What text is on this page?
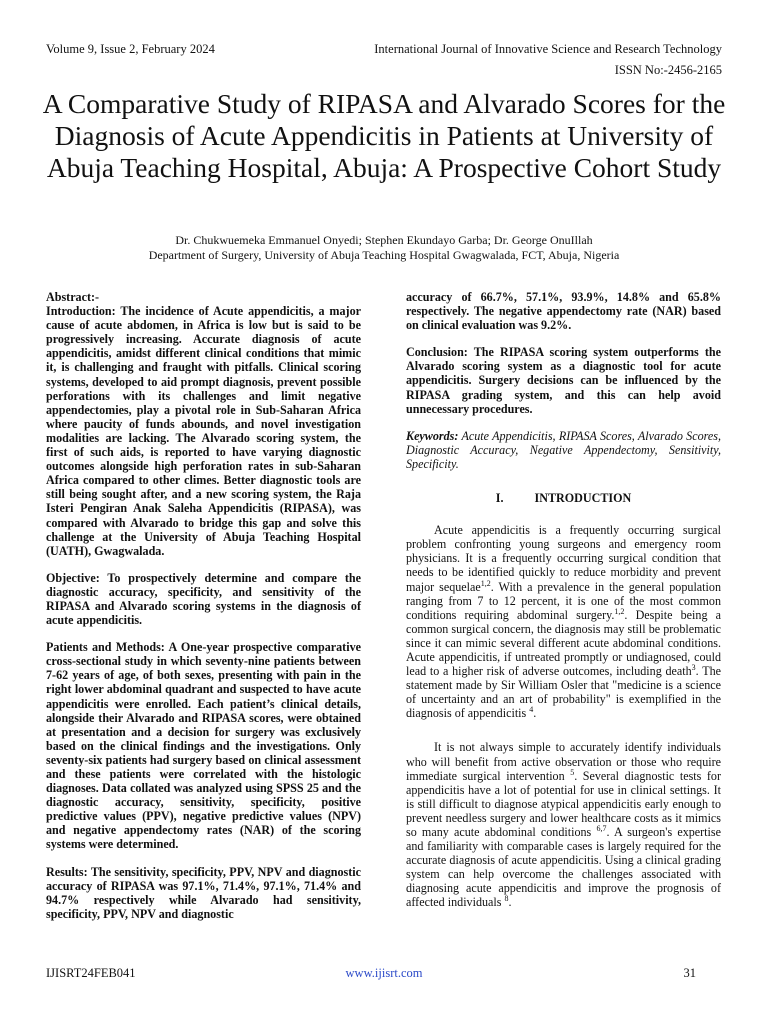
Volume 9, Issue 2, February 2024	International Journal of Innovative Science and Research Technology
ISSN No:-2456-2165
A Comparative Study of RIPASA and Alvarado Scores for the Diagnosis of Acute Appendicitis in Patients at University of Abuja Teaching Hospital, Abuja: A Prospective Cohort Study
Dr. Chukwuemeka Emmanuel Onyedi; Stephen Ekundayo Garba; Dr. George OnuIllah
Department of Surgery, University of Abuja Teaching Hospital Gwagwalada, FCT, Abuja, Nigeria
Abstract:-

Introduction: The incidence of Acute appendicitis, a major cause of acute abdomen, in Africa is low but is said to be progressively increasing. Accurate diagnosis of acute appendicitis, amidst different clinical conditions that mimic it, is challenging and fraught with pitfalls. Clinical scoring systems, developed to aid prompt diagnosis, prevent possible perforations with its challenges and limit negative appendectomies, play a pivotal role in Sub-Saharan Africa where paucity of funds abounds, and novel investigation modalities are lacking. The Alvarado scoring system, the first of such aids, is reported to have varying diagnostic outcomes alongside high perforation rates in sub-Saharan Africa compared to other climes. Better diagnostic tools are still being sought after, and a new scoring system, the Raja Isteri Pengiran Anak Saleha Appendicitis (RIPASA), was compared with Alvarado to bridge this gap and solve this challenge at the University of Abuja Teaching Hospital (UATH), Gwagwalada.

Objective: To prospectively determine and compare the diagnostic accuracy, specificity, and sensitivity of the RIPASA and Alvarado scoring systems in the diagnosis of acute appendicitis.

Patients and Methods: A One-year prospective comparative cross-sectional study in which seventy-nine patients between 7-62 years of age, of both sexes, presenting with pain in the right lower abdominal quadrant and suspected to have acute appendicitis were enrolled. Each patient’s clinical details, alongside their Alvarado and RIPASA scores, were obtained at presentation and a decision for surgery was exclusively based on the clinical findings and the investigations. Only seventy-six patients had surgery based on clinical assessment and these patients were correlated with the histologic diagnoses. Data collated was analyzed using SPSS 25 and the diagnostic accuracy, sensitivity, specificity, positive predictive values (PPV), negative predictive values (NPV) and negative appendectomy rates (NAR) of the scoring systems were determined.

Results: The sensitivity, specificity, PPV, NPV and diagnostic accuracy of RIPASA was 97.1%, 71.4%, 97.1%, 71.4% and 94.7% respectively while Alvarado had sensitivity, specificity, PPV, NPV and diagnostic

accuracy of 66.7%, 57.1%, 93.9%, 14.8% and 65.8% respectively. The negative appendectomy rate (NAR) based on clinical evaluation was 9.2%.

Conclusion: The RIPASA scoring system outperforms the Alvarado scoring system as a diagnostic tool for acute appendicitis. Surgery decisions can be influenced by the RIPASA grading system, and this can help avoid unnecessary procedures.

Keywords: Acute Appendicitis, RIPASA Scores, Alvarado Scores, Diagnostic Accuracy, Negative Appendectomy, Sensitivity, Specificity.

I.	INTRODUCTION

Acute appendicitis is a frequently occurring surgical problem confronting young surgeons and emergency room physicians. It is a frequently occurring surgical condition that needs to be identified quickly to reduce morbidity and prevent major sequelae$^{1,2}$. With a prevalence in the general population ranging from 7 to 12 percent, it is one of the most common conditions requiring abdominal surgery.$^{1,2}$. Despite being a common surgical concern, the diagnosis may still be problematic since it can mimic several different acute abdominal conditions. Acute appendicitis, if untreated promptly or undiagnosed, could lead to a higher risk of adverse outcomes, including death$^3$. The statement made by Sir William Osler that "medicine is a science of uncertainty and an art of probability" is exemplified in the diagnosis of appendicitis $^4$.

It is not always simple to accurately identify individuals who will benefit from active observation or those who require immediate surgical intervention $^5$. Several diagnostic tests for appendicitis have a lot of potential for use in clinical settings. It is still difficult to diagnose atypical appendicitis early enough to prevent needless surgery and lower healthcare costs as it mimics so many acute abdominal conditions $^{6,7}$. A surgeon's expertise and familiarity with comparable cases is largely required for the accurate diagnosis of acute appendicitis. Using a clinical grading system can help overcome the challenges associated with diagnosing acute appendicitis and improve the prognosis of affected individuals $^8$.

IJISRT24FEB041	www.ijisrt.com	31
